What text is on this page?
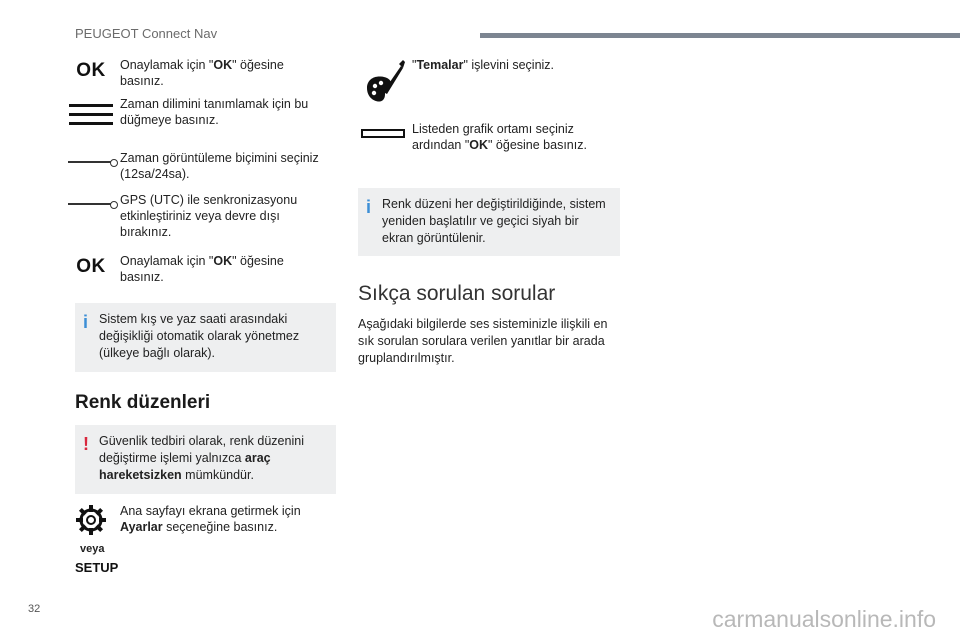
PEUGEOT Connect Nav
OK Onaylamak için "OK" öğesine basınız.
Zaman dilimini tanımlamak için bu düğmeye basınız.
Zaman görüntüleme biçimini seçiniz (12sa/24sa).
GPS (UTC) ile senkronizasyonu etkinleştiriniz veya devre dışı bırakınız.
OK Onaylamak için "OK" öğesine basınız.
i Sistem kış ve yaz saati arasındaki değişikliği otomatik olarak yönetmez (ülkeye bağlı olarak).
Renk düzenleri
! Güvenlik tedbiri olarak, renk düzenini değiştirme işlemi yalnızca araç hareketsizken mümkündür.
Ana sayfayı ekrana getirmek için Ayarlar seçeneğine basınız.
veya
SETUP
"Temalar" işlevini seçiniz.
Listeden grafik ortamı seçiniz ardından "OK" öğesine basınız.
i Renk düzeni her değiştirildiğinde, sistem yeniden başlatılır ve geçici siyah bir ekran görüntülenir.
Sıkça sorulan sorular
Aşağıdaki bilgilerde ses sisteminizle ilişkili en sık sorulan sorulara verilen yanıtlar bir arada gruplandırılmıştır.
32	carmanualsonline.info
